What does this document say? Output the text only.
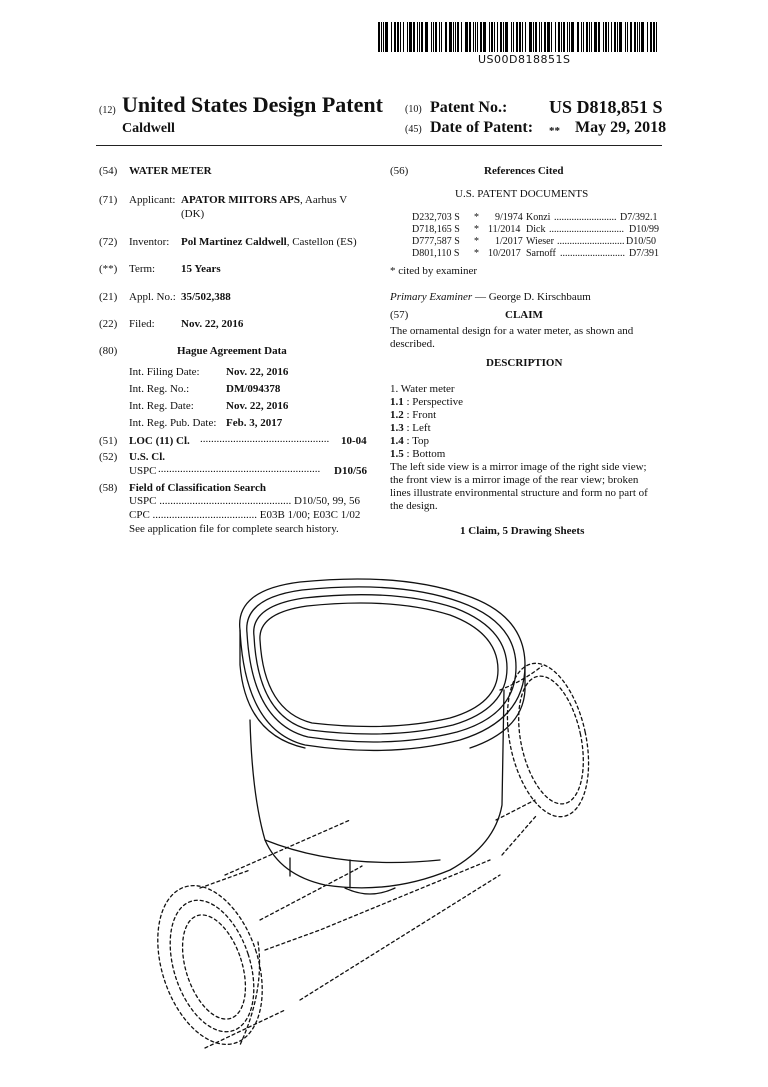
US00D818851S
(12) United States Design Patent
Caldwell
(10) Patent No.: US D818,851 S
(45) Date of Patent: ** May 29, 2018
(54) WATER METER
(71) Applicant: APATOR MIITORS APS, Aarhus V
(DK)
(72) Inventor: Pol Martinez Caldwell, Castellon (ES)
(**) Term: 15 Years
(21) Appl. No.: 35/502,388
(22) Filed: Nov. 22, 2016
(80)	Hague Agreement Data
Int. Filing Date: Nov. 22, 2016
Int. Reg. No.:	DM/094378
Int. Reg. Date:	Nov. 22, 2016
Int. Reg. Pub. Date: Feb. 3, 2017
(51) LOC (11) Cl. ............................................... 10-04
(52) U.S. Cl.
USPC ........................................................... D10/56
(58) Field of Classification Search
USPC ................................................ D10/50, 99, 56
CPC ...................................... E03B 1/00; E03C 1/02
See application file for complete search history.
(56)	References Cited
U.S. PATENT DOCUMENTS
D232,703 S * 9/1974 Konzi ......................... D7/392.1
D718,165 S * 11/2014 Dick .............................. D10/99
D777,587 S * 1/2017 Wieser ........................... D10/50
D801,110 S * 10/2017 Sarnoff .......................... D7/391
* cited by examiner
Primary Examiner — George D. Kirschbaum
(57)	CLAIM
The ornamental design for a water meter, as shown and
described.
DESCRIPTION
1. Water meter
1.1 : Perspective
1.2 : Front
1.3 : Left
1.4 : Top
1.5 : Bottom
The left side view is a mirror image of the right side view;
the front view is a mirror image of the rear view; broken
lines illustrate environmental structure and form no part of
the design.
1 Claim, 5 Drawing Sheets
